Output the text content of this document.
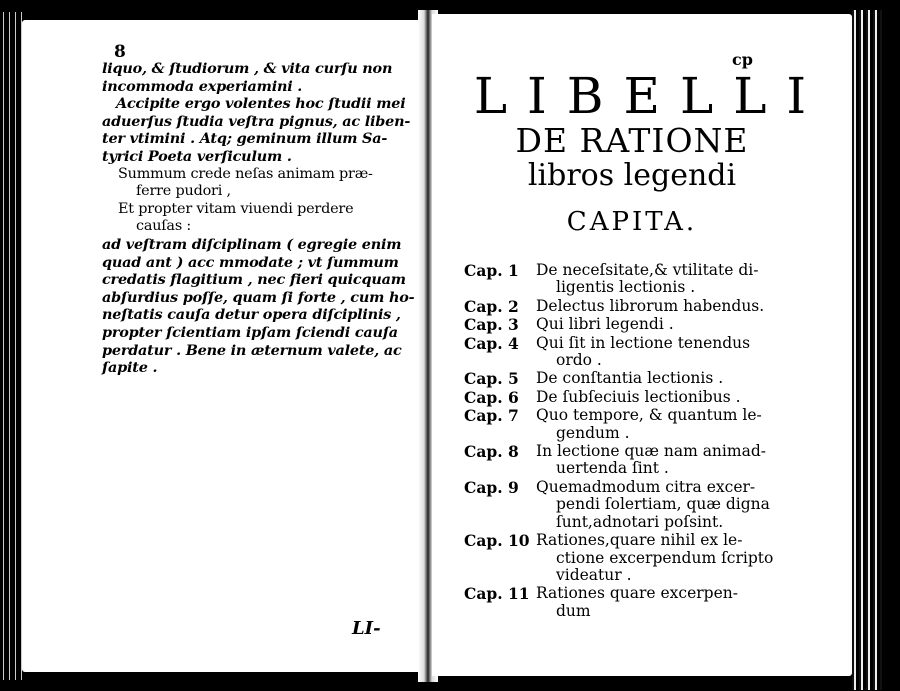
8
liquo, & ſtudiorum , & vita curſu non
incommoda experiamini .
Accipite ergo volentes hoc ſtudii mei
aduerſus ſtudia veſtra pignus, ac liben-
ter vtimini . Atq; geminum illum Sa-
tyrici Poeta verſiculum .
Summum crede neſas animam præ-
ferre pudori ,
Et propter vitam viuendi perdere
cauſas :
ad veſtram diſciplinam ( egregie enim
quad ant ) acc mmodate ; vt ſummum
credatis flagitium , nec fieri quicquam
abſurdius poſſe, quam ſi forte , cum ho-
neſtatis cauſa detur opera diſciplinis ,
propter ſcientiam ipſam ſciendi cauſa
perdatur . Bene in æternum valete, ac
ſapite .
LI-
cp
LIBELLI
DE RATIONE
libros legendi
CAPITA.
Cap. 1	De neceſsitate,& vtilitate di-
ligentis lectionis .
Cap. 2	Delectus librorum habendus.
Cap. 3	Qui libri legendi .
Cap. 4	Qui ſit in lectione tenendus
ordo .
Cap. 5	De conſtantia lectionis .
Cap. 6	De ſubſeciuis lectionibus .
Cap. 7	Quo tempore, & quantum le-
gendum .
Cap. 8	In lectione quæ nam animad-
uertenda ſint .
Cap. 9	Quemadmodum citra excer-
pendi ſolertiam, quæ digna
ſunt,adnotari poſsint.
Cap. 10 Rationes,quare nihil ex le-
ctione excerpendum ſcripto
videatur .
Cap. 11 Rationes quare excerpen-
dum
